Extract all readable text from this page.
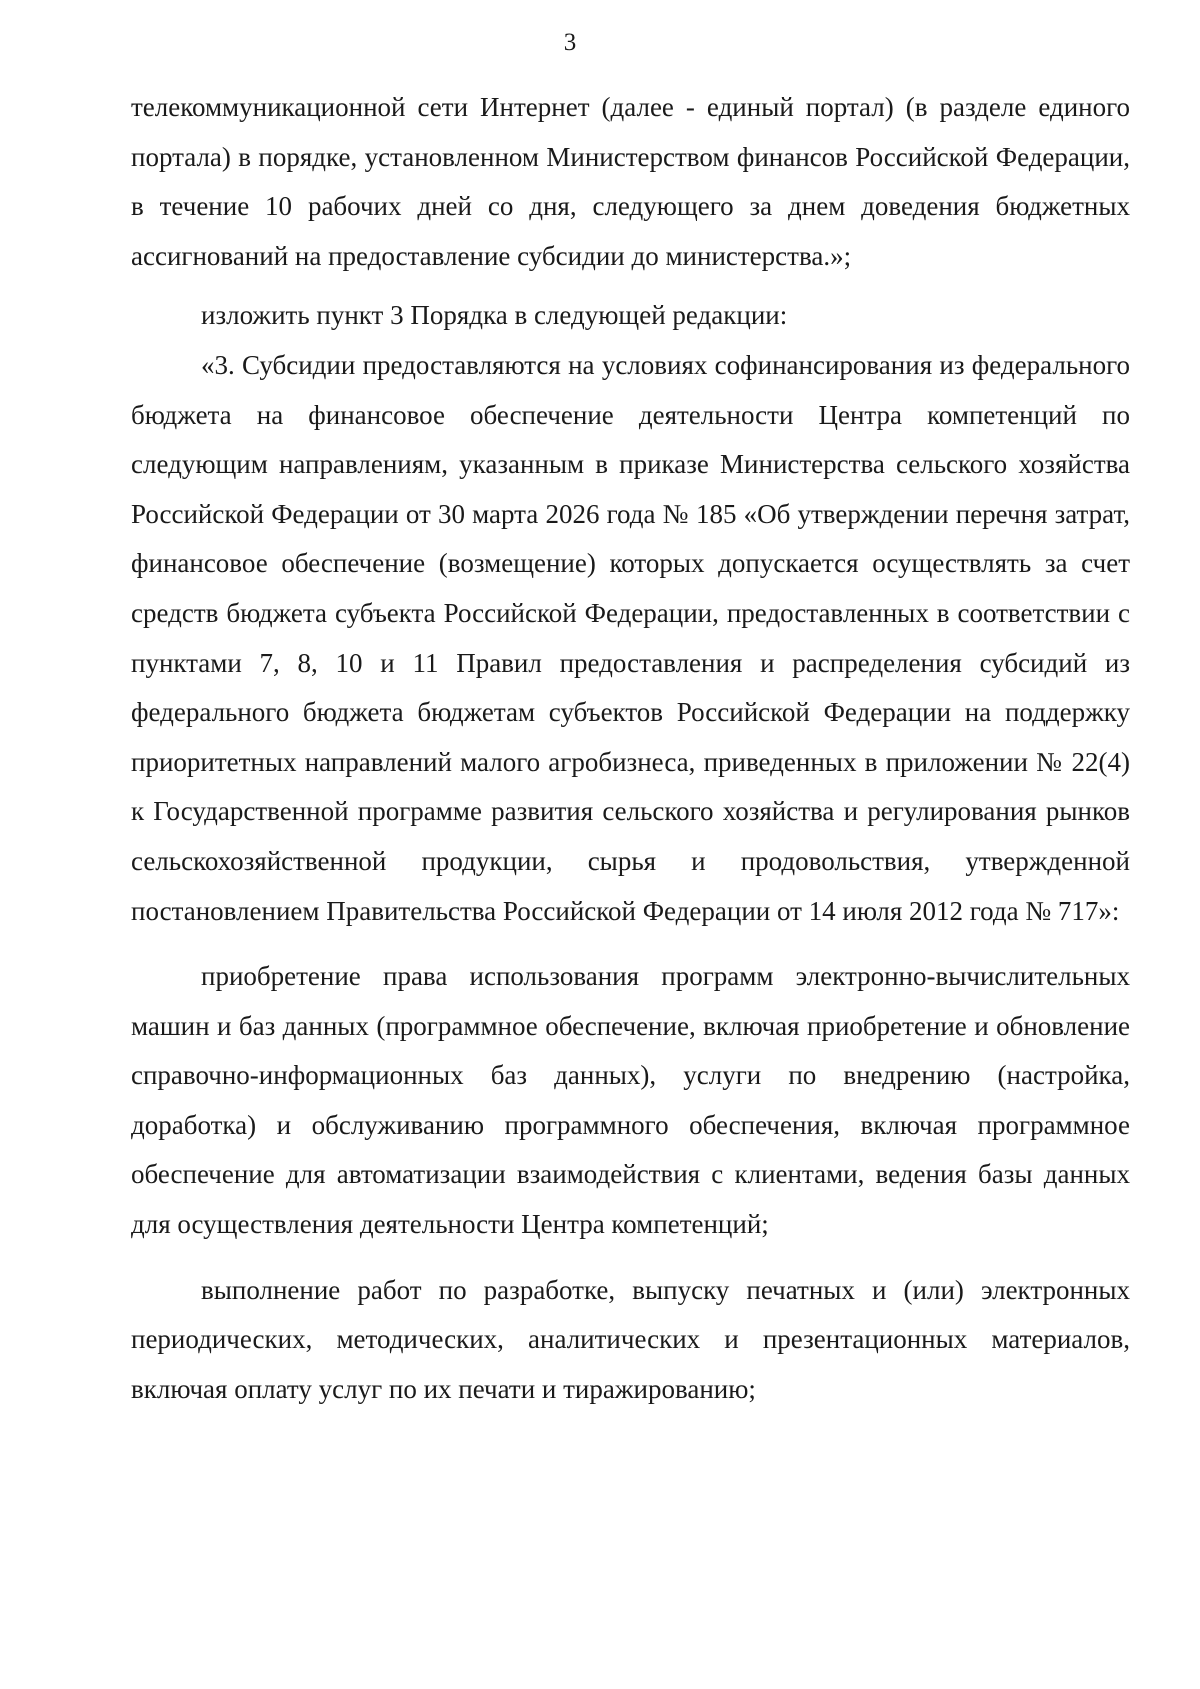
3

телекоммуникационной сети Интернет (далее - единый портал) (в разделе единого портала) в порядке, установленном Министерством финансов Российской Федерации, в течение 10 рабочих дней со дня, следующего за днем доведения бюджетных ассигнований на предоставление субсидии до министерства.»;

изложить пункт 3 Порядка в следующей редакции:

«3. Субсидии предоставляются на условиях софинансирования из федерального бюджета на финансовое обеспечение деятельности Центра компетенций по следующим направлениям, указанным в приказе Министерства сельского хозяйства Российской Федерации от 30 марта 2026 года № 185 «Об утверждении перечня затрат, финансовое обеспечение (возмещение) которых допускается осуществлять за счет средств бюджета субъекта Российской Федерации, предоставленных в соответствии с пунктами 7, 8, 10 и 11 Правил предоставления и распределения субсидий из федерального бюджета бюджетам субъектов Российской Федерации на поддержку приоритетных направлений малого агробизнеса, приведенных в приложении № 22(4) к Государственной программе развития сельского хозяйства и регулирования рынков сельскохозяйственной продукции, сырья и продовольствия, утвержденной постановлением Правительства Российской Федерации от 14 июля 2012 года № 717»:

приобретение права использования программ электронно-вычислительных машин и баз данных (программное обеспечение, включая приобретение и обновление справочно-информационных баз данных), услуги по внедрению (настройка, доработка) и обслуживанию программного обеспечения, включая программное обеспечение для автоматизации взаимодействия с клиентами, ведения базы данных для осуществления деятельности Центра компетенций;

выполнение работ по разработке, выпуску печатных и (или) электронных периодических, методических, аналитических и презентационных материалов, включая оплату услуг по их печати и тиражированию;
